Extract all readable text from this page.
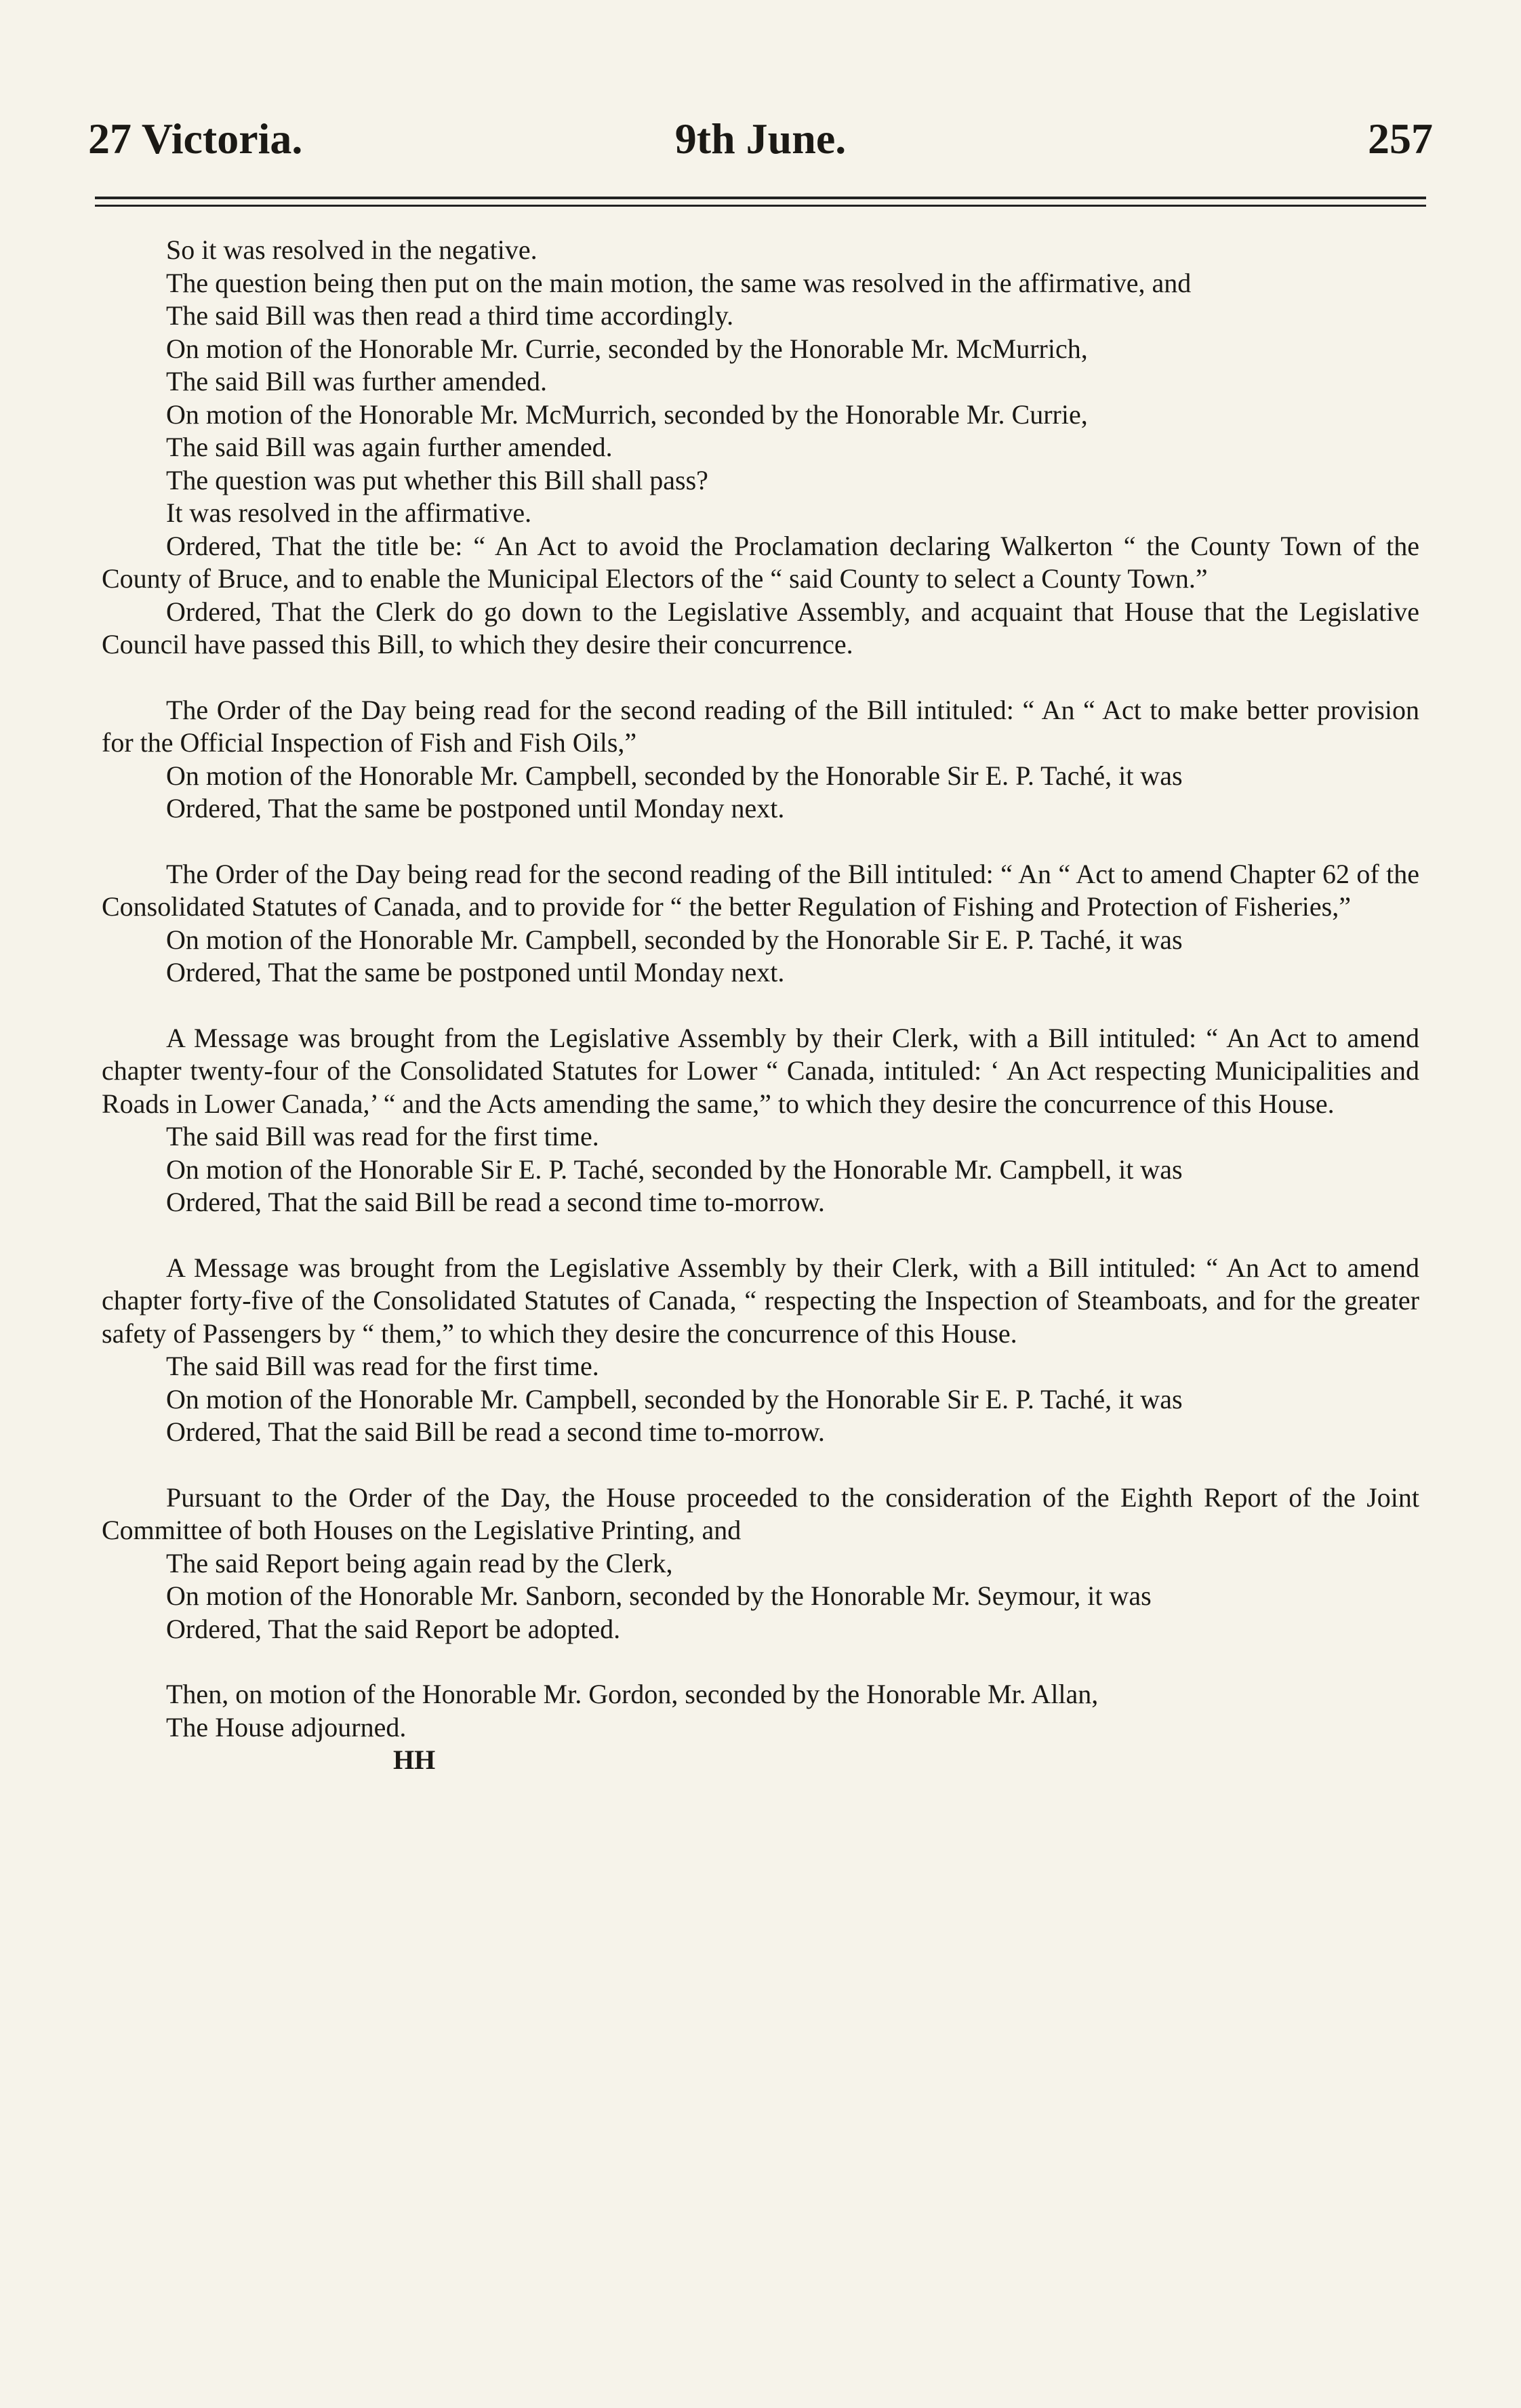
9th June.
27 Victoria.	257

So it was resolved in the negative.

The question being then put on the main motion, the same was resolved in the affirmative, and

The said Bill was then read a third time accordingly.

On motion of the Honorable Mr. Currie, seconded by the Honorable Mr. McMurrich,

The said Bill was further amended.

On motion of the Honorable Mr. McMurrich, seconded by the Honorable Mr. Currie,

The said Bill was again further amended.

The question was put whether this Bill shall pass?

It was resolved in the affirmative.

Ordered, That the title be: “ An Act to avoid the Proclamation declaring Walkerton “ the County Town of the County of Bruce, and to enable the Municipal Electors of the “ said County to select a County Town.”

Ordered, That the Clerk do go down to the Legislative Assembly, and acquaint that House that the Legislative Council have passed this Bill, to which they desire their concurrence.

The Order of the Day being read for the second reading of the Bill intituled: “ An “ Act to make better provision for the Official Inspection of Fish and Fish Oils,”

On motion of the Honorable Mr. Campbell, seconded by the Honorable Sir E. P. Taché, it was

Ordered, That the same be postponed until Monday next.

The Order of the Day being read for the second reading of the Bill intituled: “ An “ Act to amend Chapter 62 of the Consolidated Statutes of Canada, and to provide for “ the better Regulation of Fishing and Protection of Fisheries,”

On motion of the Honorable Mr. Campbell, seconded by the Honorable Sir E. P. Taché, it was

Ordered, That the same be postponed until Monday next.

A Message was brought from the Legislative Assembly by their Clerk, with a Bill intituled: “ An Act to amend chapter twenty-four of the Consolidated Statutes for Lower “ Canada, intituled: ‘ An Act respecting Municipalities and Roads in Lower Canada,’ “ and the Acts amending the same,” to which they desire the concurrence of this House.

The said Bill was read for the first time.

On motion of the Honorable Sir E. P. Taché, seconded by the Honorable Mr. Campbell, it was

Ordered, That the said Bill be read a second time to-morrow.

A Message was brought from the Legislative Assembly by their Clerk, with a Bill intituled: “ An Act to amend chapter forty-five of the Consolidated Statutes of Canada, “ respecting the Inspection of Steamboats, and for the greater safety of Passengers by “ them,” to which they desire the concurrence of this House.

The said Bill was read for the first time.

On motion of the Honorable Mr. Campbell, seconded by the Honorable Sir E. P. Taché, it was

Ordered, That the said Bill be read a second time to-morrow.

Pursuant to the Order of the Day, the House proceeded to the consideration of the Eighth Report of the Joint Committee of both Houses on the Legislative Printing, and

The said Report being again read by the Clerk,

On motion of the Honorable Mr. Sanborn, seconded by the Honorable Mr. Seymour, it was

Ordered, That the said Report be adopted.

Then, on motion of the Honorable Mr. Gordon, seconded by the Honorable Mr. Allan,

The House adjourned.

HH
